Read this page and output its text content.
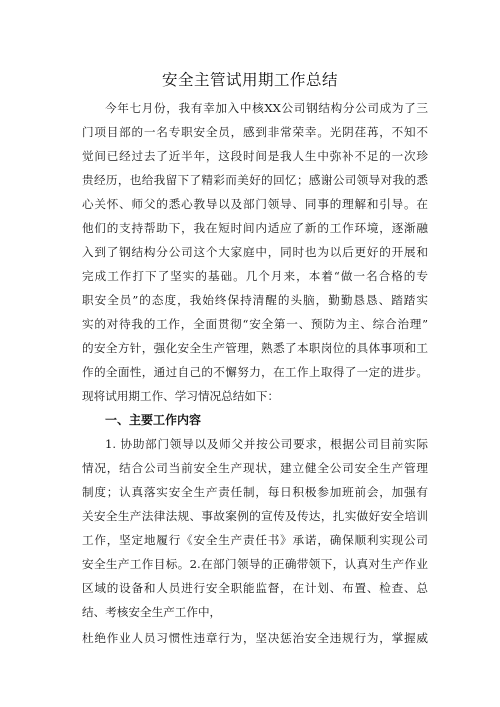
安全主管试用期工作总结
今年七月份，我有幸加入中核XX公司钢结构分公司成为了三
门项目部的一名专职安全员，感到非常荣幸。光阴荏苒，不知不
觉间已经过去了近半年，这段时间是我人生中弥补不足的一次珍
贵经历，也给我留下了精彩而美好的回忆；感谢公司领导对我的悉
心关怀、师父的悉心教导以及部门领导、同事的理解和引导。在
他们的支持帮助下，我在短时间内适应了新的工作环境，逐渐融
入到了钢结构分公司这个大家庭中，同时也为以后更好的开展和
完成工作打下了坚实的基础。几个月来，本着“做一名合格的专
职安全员”的态度，我始终保持清醒的头脑，勤勤恳恳、踏踏实
实的对待我的工作，全面贯彻“安全第一、预防为主、综合治理”
的安全方针，强化安全生产管理，熟悉了本职岗位的具体事项和工
作的全面性，通过自己的不懈努力，在工作上取得了一定的进步。
现将试用期工作、学习情况总结如下：
一、主要工作内容
1. 协助部门领导以及师父并按公司要求，根据公司目前实际
情况，结合公司当前安全生产现状，建立健全公司安全生产管理
制度；认真落实安全生产责任制，每日积极参加班前会，加强有
关安全生产法律法规、事故案例的宣传及传达，扎实做好安全培训
工作，坚定地履行《安全生产责任书》承诺，确保顺利实现公司
安全生产工作目标。2.在部门领导的正确带领下，认真对生产作业
区域的设备和人员进行安全职能监督，在计划、布置、检查、总
结、考核安全生产工作中，
杜绝作业人员习惯性违章行为，坚决惩治安全违规行为，掌握威
